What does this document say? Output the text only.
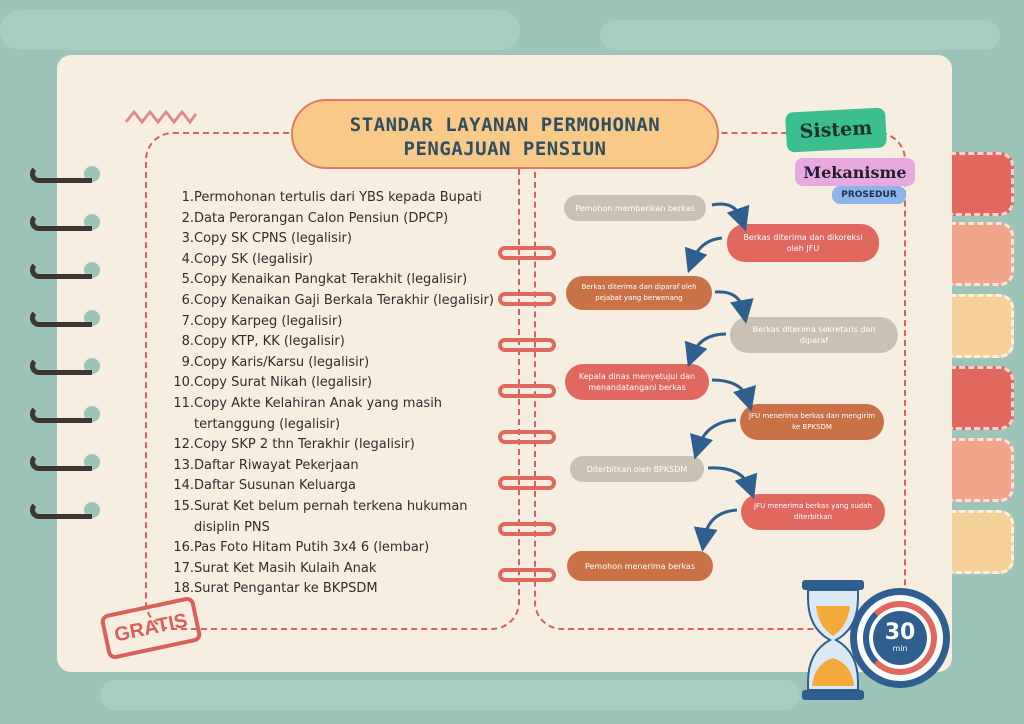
STANDAR LAYANAN PERMOHONAN
PENGAJUAN PENSIUN
Sistem
Mekanisme
PROSEDUR
1. Permohonan tertulis dari YBS kepada Bupati
2. Data Perorangan Calon Pensiun (DPCP)
3. Copy SK CPNS (legalisir)
4. Copy SK (legalisir)
5. Copy Kenaikan Pangkat Terakhit (legalisir)
6. Copy Kenaikan Gaji Berkala Terakhir (legalisir)
7. Copy Karpeg (legalisir)
8. Copy KTP, KK (legalisir)
9. Copy Karis/Karsu (legalisir)
10. Copy Surat Nikah (legalisir)
11. Copy Akte Kelahiran Anak yang masih tertanggung (legalisir)
12. Copy SKP 2 thn Terakhir (legalisir)
13. Daftar Riwayat Pekerjaan
14. Daftar Susunan Keluarga
15. Surat Ket belum pernah terkena hukuman disiplin PNS
16. Pas Foto Hitam Putih 3x4 6 (lembar)
17. Surat Ket Masih Kulaih Anak
18. Surat Pengantar ke BKPSDM
Pemohon memberikan berkas
Berkas diterima dan dikoreksi oleh JFU
Berkas diterima dan diparaf oleh pejabat yang berwenang
Berkas diterima sekretaris dan diparaf
Kepala dinas menyetujui dan menandatangani berkas
JFU menerima berkas dan mengirim ke BPKSDM
Diterbitkan oleh BPKSDM
JFU menerima berkas yang sudah diterbitkan
Pemohon menerima berkas
GRATIS	30
min
